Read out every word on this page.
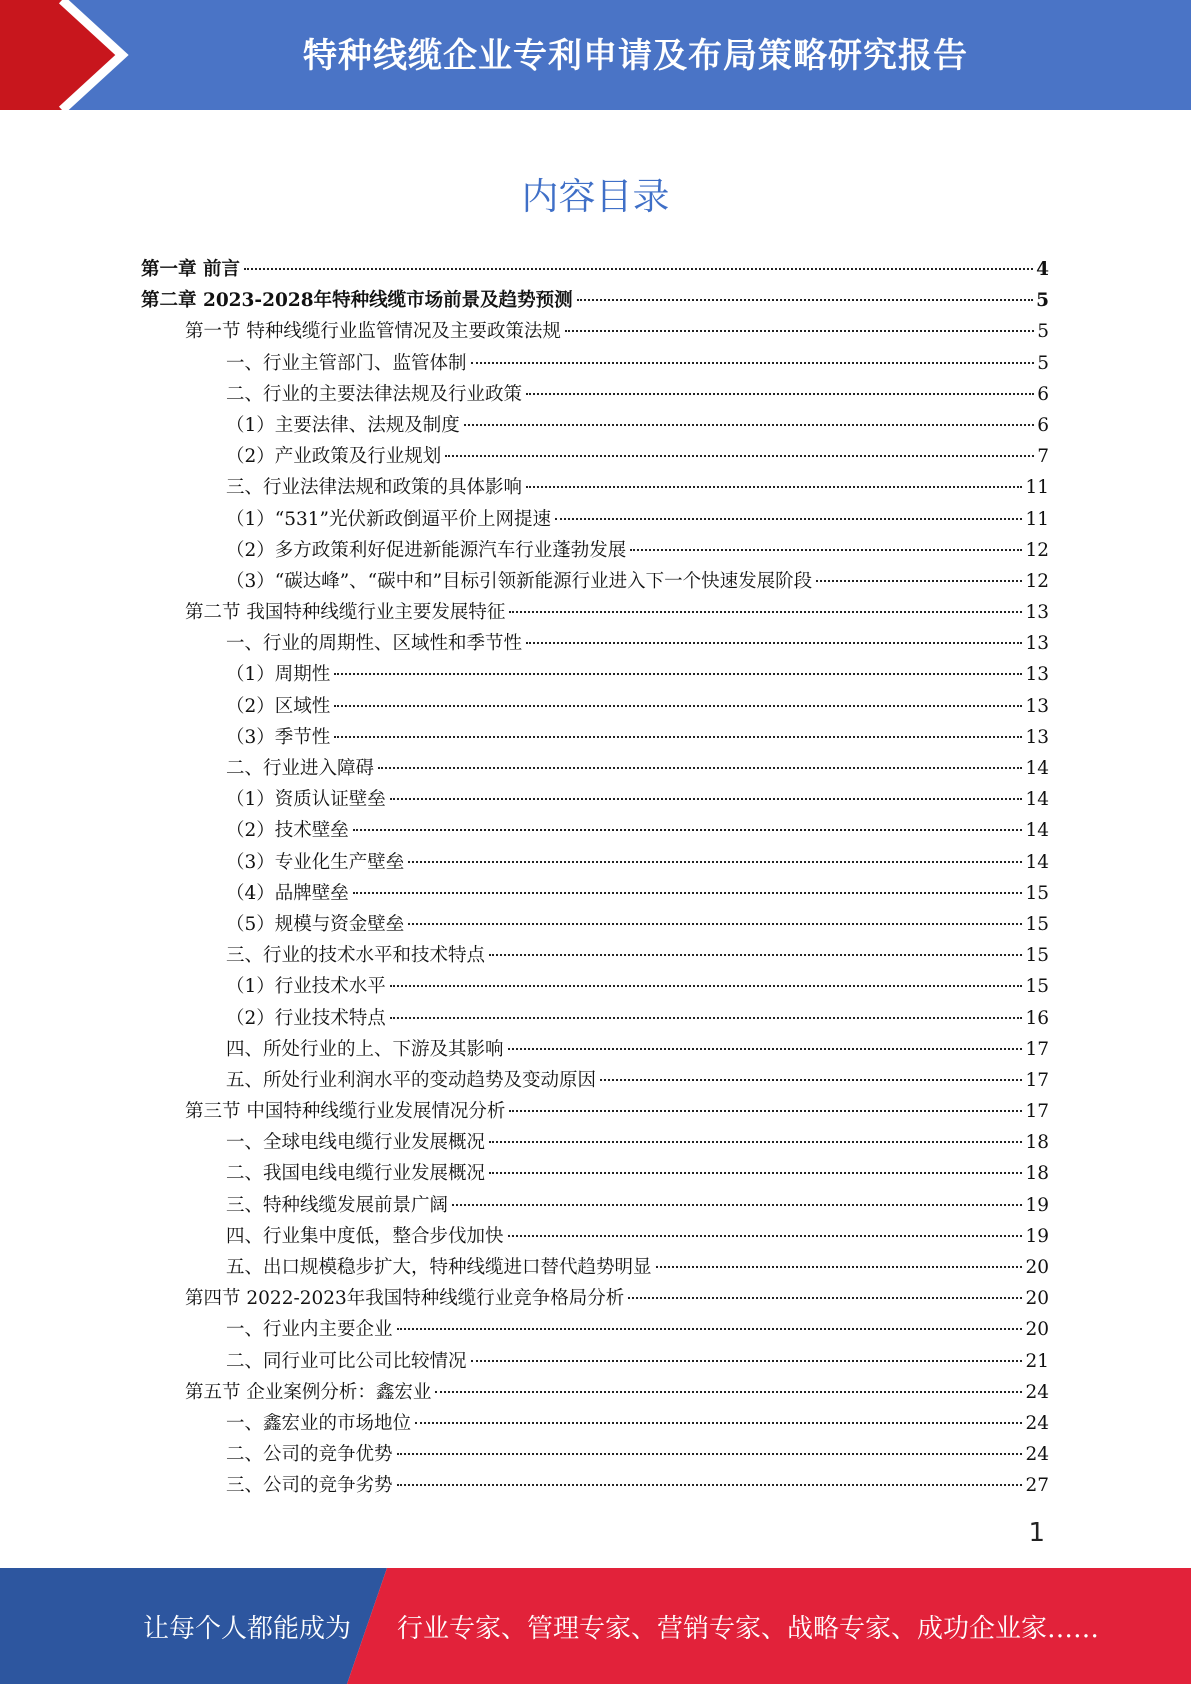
特种线缆企业专利申请及布局策略研究报告
内容目录
第一章 前言	4
第二章 2023-2028年特种线缆市场前景及趋势预测	5
第一节 特种线缆行业监管情况及主要政策法规	5
一、行业主管部门、监管体制	5
二、行业的主要法律法规及行业政策	6
（1）主要法律、法规及制度	6
（2）产业政策及行业规划	7
三、行业法律法规和政策的具体影响	11
（1）“531”光伏新政倒逼平价上网提速	11
（2）多方政策利好促进新能源汽车行业蓬勃发展	12
（3）“碳达峰”、“碳中和”目标引领新能源行业进入下一个快速发展阶段	12
第二节 我国特种线缆行业主要发展特征	13
一、行业的周期性、区域性和季节性	13
（1）周期性	13
（2）区域性	13
（3）季节性	13
二、行业进入障碍	14
（1）资质认证壁垒	14
（2）技术壁垒	14
（3）专业化生产壁垒	14
（4）品牌壁垒	15
（5）规模与资金壁垒	15
三、行业的技术水平和技术特点	15
（1）行业技术水平	15
（2）行业技术特点	16
四、所处行业的上、下游及其影响	17
五、所处行业利润水平的变动趋势及变动原因	17
第三节 中国特种线缆行业发展情况分析	17
一、全球电线电缆行业发展概况	18
二、我国电线电缆行业发展概况	18
三、特种线缆发展前景广阔	19
四、行业集中度低，整合步伐加快	19
五、出口规模稳步扩大，特种线缆进口替代趋势明显	20
第四节 2022-2023年我国特种线缆行业竞争格局分析	20
一、行业内主要企业	20
二、同行业可比公司比较情况	21
第五节 企业案例分析：鑫宏业	24
一、鑫宏业的市场地位	24
二、公司的竞争优势	24
三、公司的竞争劣势	27
1
让每个人都能成为 行业专家、管理专家、营销专家、战略专家、成功企业家……
